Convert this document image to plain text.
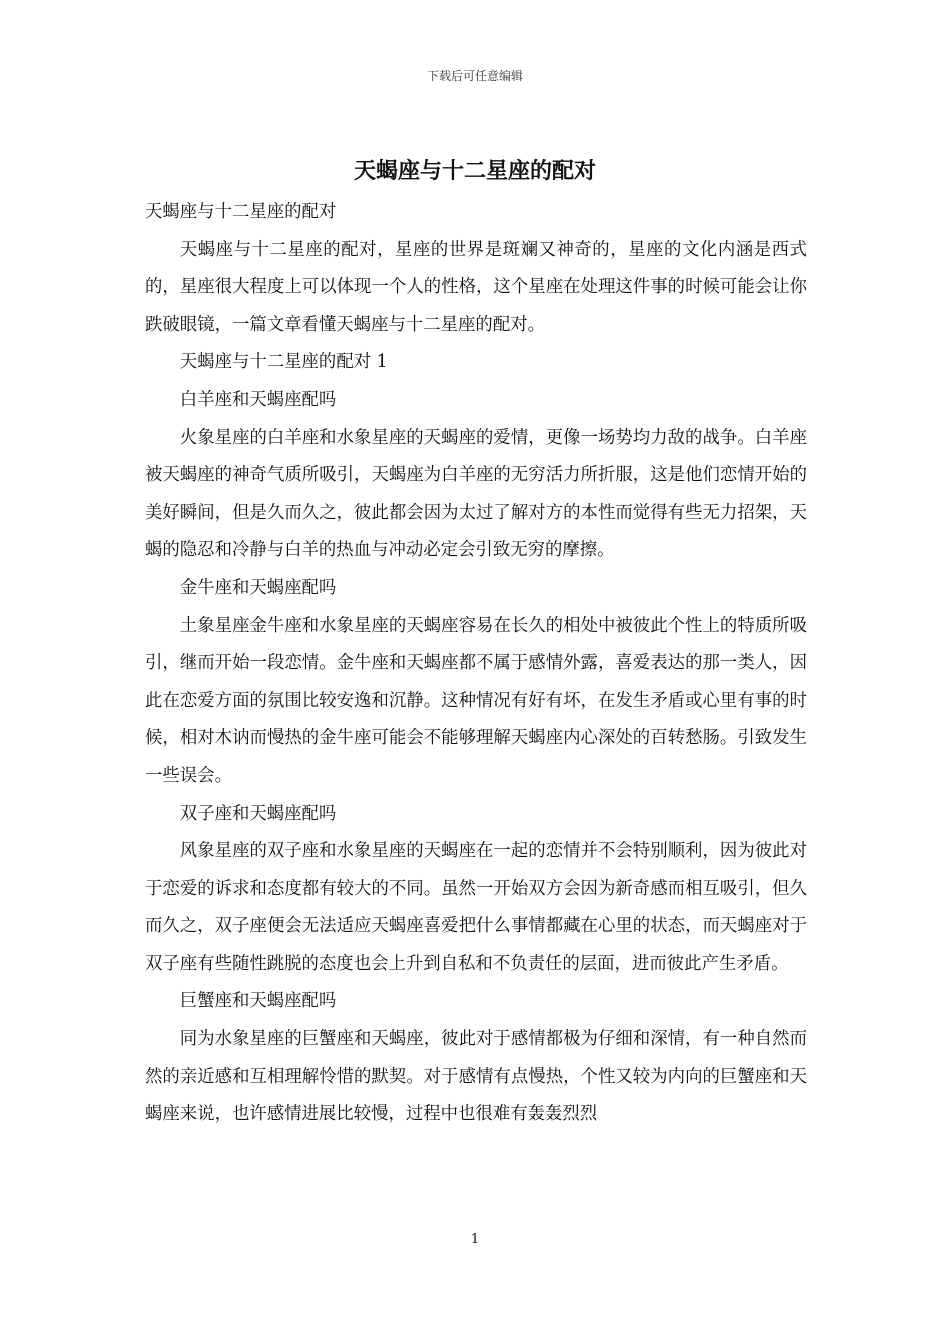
下载后可任意编辑
天蝎座与十二星座的配对

天蝎座与十二星座的配对

天蝎座与十二星座的配对，星座的世界是斑斓又神奇的，星座的文化内涵是西式的，星座很大程度上可以体现一个人的性格，这个星座在处理这件事的时候可能会让你跌破眼镜，一篇文章看懂天蝎座与十二星座的配对。

天蝎座与十二星座的配对 1

白羊座和天蝎座配吗

火象星座的白羊座和水象星座的天蝎座的爱情，更像一场势均力敌的战争。白羊座被天蝎座的神奇气质所吸引，天蝎座为白羊座的无穷活力所折服，这是他们恋情开始的美好瞬间，但是久而久之，彼此都会因为太过了解对方的本性而觉得有些无力招架，天蝎的隐忍和冷静与白羊的热血与冲动必定会引致无穷的摩擦。

金牛座和天蝎座配吗

土象星座金牛座和水象星座的天蝎座容易在长久的相处中被彼此个性上的特质所吸引，继而开始一段恋情。金牛座和天蝎座都不属于感情外露，喜爱表达的那一类人，因此在恋爱方面的氛围比较安逸和沉静。这种情况有好有坏，在发生矛盾或心里有事的时候，相对木讷而慢热的金牛座可能会不能够理解天蝎座内心深处的百转愁肠。引致发生一些误会。

双子座和天蝎座配吗

风象星座的双子座和水象星座的天蝎座在一起的恋情并不会特别顺利，因为彼此对于恋爱的诉求和态度都有较大的不同。虽然一开始双方会因为新奇感而相互吸引，但久而久之，双子座便会无法适应天蝎座喜爱把什么事情都藏在心里的状态，而天蝎座对于双子座有些随性跳脱的态度也会上升到自私和不负责任的层面，进而彼此产生矛盾。

巨蟹座和天蝎座配吗

同为水象星座的巨蟹座和天蝎座，彼此对于感情都极为仔细和深情，有一种自然而然的亲近感和互相理解怜惜的默契。对于感情有点慢热，个性又较为内向的巨蟹座和天蝎座来说，也许感情进展比较慢，过程中也很难有轰轰烈烈

1
